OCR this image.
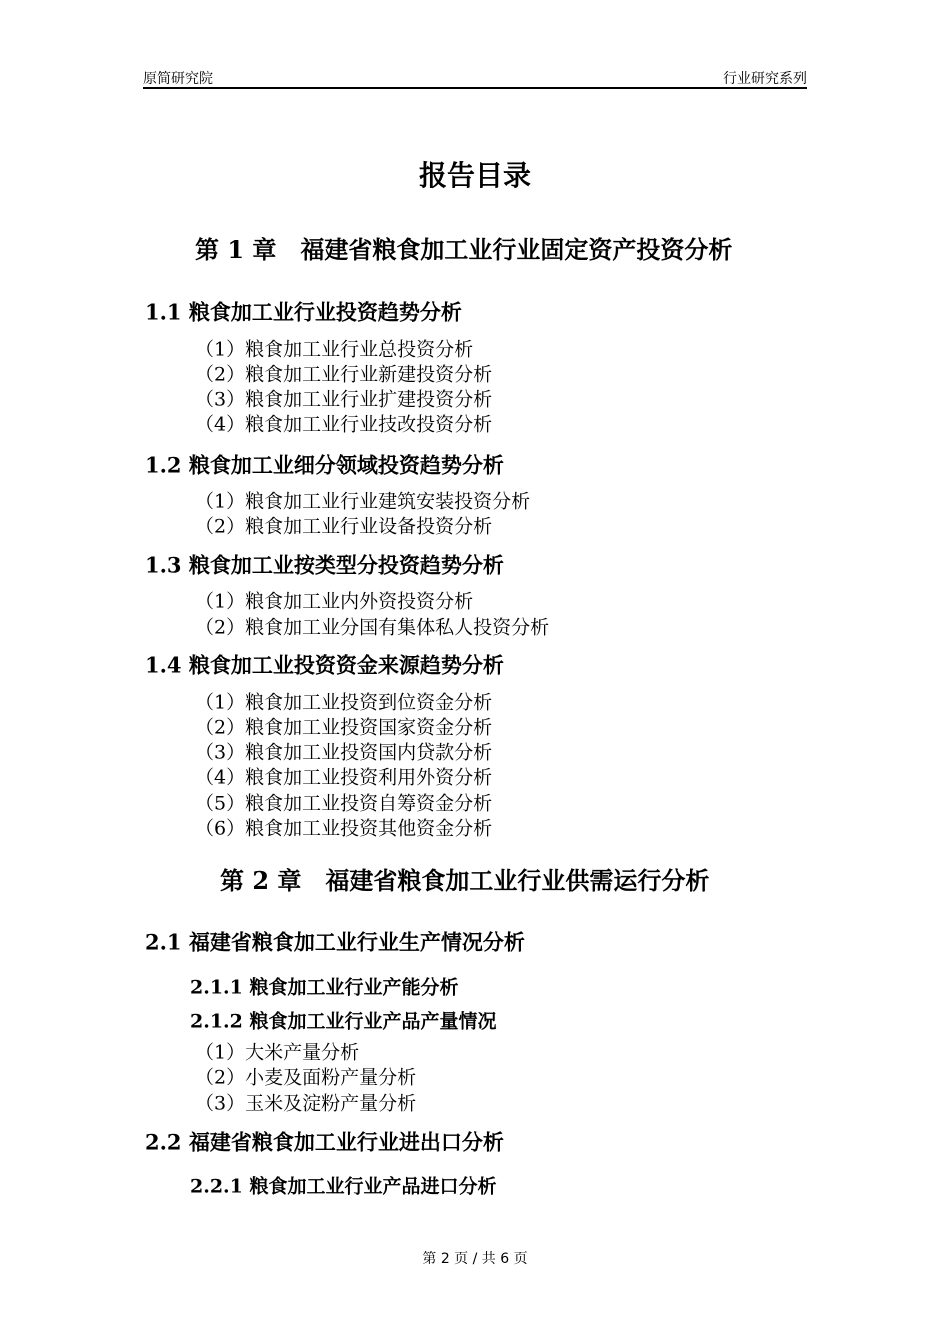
原简研究院	行业研究系列
报告目录
第 1 章　福建省粮食加工业行业固定资产投资分析
1.1 粮食加工业行业投资趋势分析
（1）粮食加工业行业总投资分析
（2）粮食加工业行业新建投资分析
（3）粮食加工业行业扩建投资分析
（4）粮食加工业行业技改投资分析
1.2 粮食加工业细分领域投资趋势分析
（1）粮食加工业行业建筑安装投资分析
（2）粮食加工业行业设备投资分析
1.3 粮食加工业按类型分投资趋势分析
（1）粮食加工业内外资投资分析
（2）粮食加工业分国有集体私人投资分析
1.4 粮食加工业投资资金来源趋势分析
（1）粮食加工业投资到位资金分析
（2）粮食加工业投资国家资金分析
（3）粮食加工业投资国内贷款分析
（4）粮食加工业投资利用外资分析
（5）粮食加工业投资自筹资金分析
（6）粮食加工业投资其他资金分析
第 2 章　福建省粮食加工业行业供需运行分析
2.1 福建省粮食加工业行业生产情况分析
2.1.1 粮食加工业行业产能分析
2.1.2 粮食加工业行业产品产量情况
（1）大米产量分析
（2）小麦及面粉产量分析
（3）玉米及淀粉产量分析
2.2 福建省粮食加工业行业进出口分析
2.2.1 粮食加工业行业产品进口分析
第 2 页 / 共 6 页
